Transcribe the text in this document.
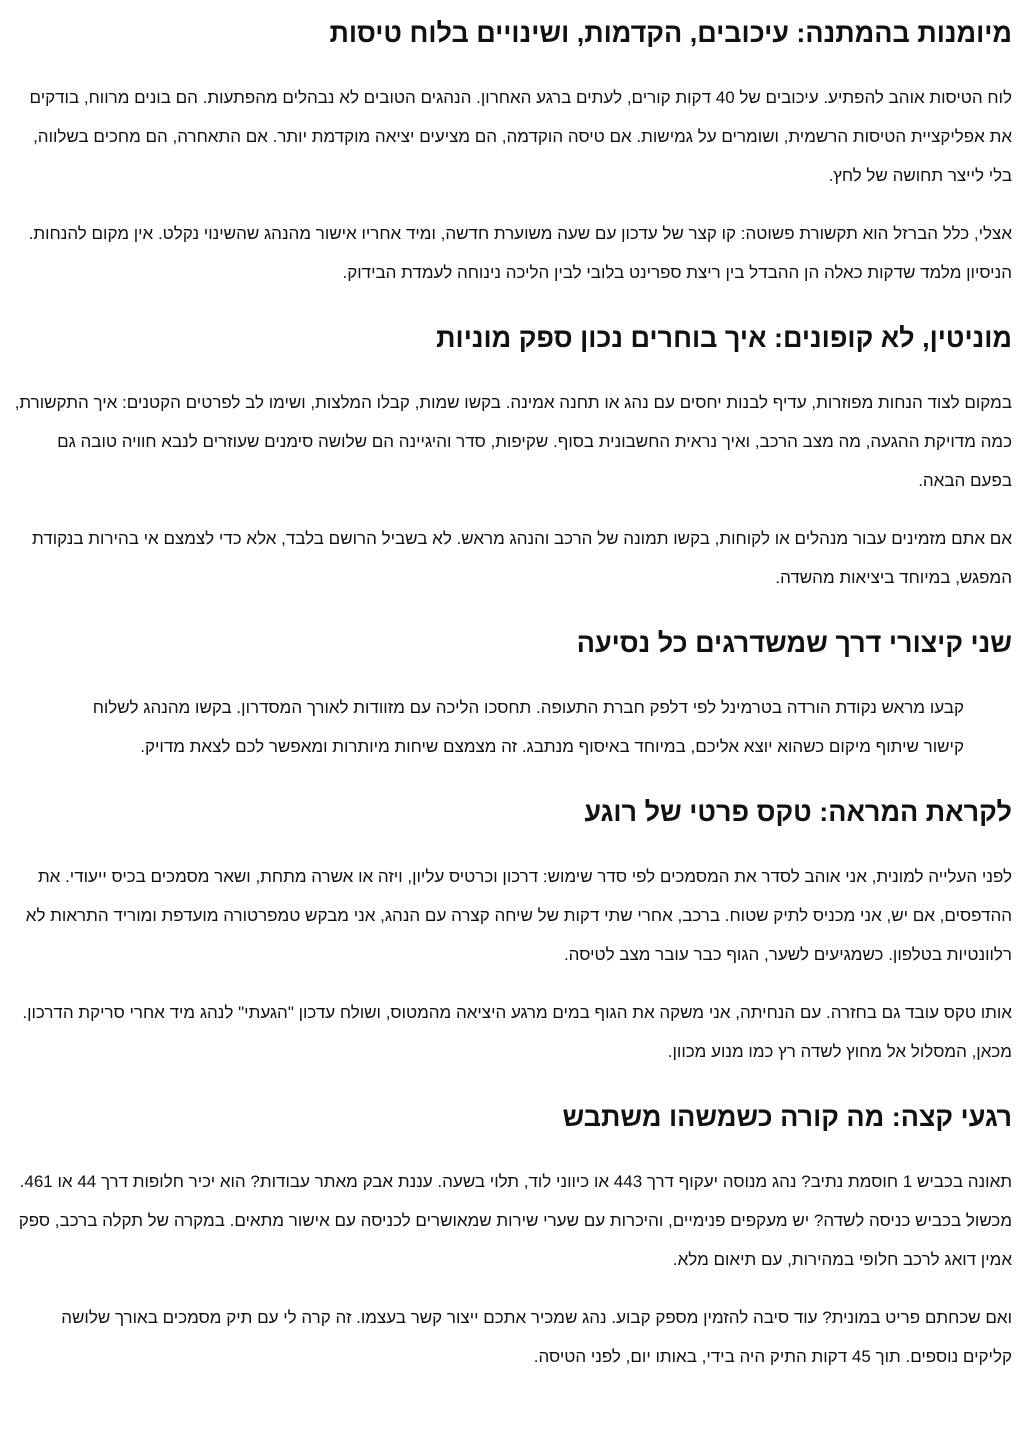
מיומנות בהמתנה: עיכובים, הקדמות, ושינויים בלוח טיסות

לוח הטיסות אוהב להפתיע. עיכובים של 40 דקות קורים, לעתים ברגע האחרון. הנהגים הטובים לא נבהלים מהפתעות. הם בונים מרווח, בודקים את אפליקציית הטיסות הרשמית, ושומרים על גמישות. אם טיסה הוקדמה, הם מציעים יציאה מוקדמת יותר. אם התאחרה, הם מחכים בשלווה, בלי לייצר תחושה של לחץ.

אצלי, כלל הברזל הוא תקשורת פשוטה: קו קצר של עדכון עם שעה משוערת חדשה, ומיד אחריו אישור מהנהג שהשינוי נקלט. אין מקום להנחות. הניסיון מלמד שדקות כאלה הן ההבדל בין ריצת ספרינט בלובי לבין הליכה נינוחה לעמדת הבידוק.

מוניטין, לא קופונים: איך בוחרים נכון ספק מוניות

במקום לצוד הנחות מפוזרות, עדיף לבנות יחסים עם נהג או תחנה אמינה. בקשו שמות, קבלו המלצות, ושימו לב לפרטים הקטנים: איך התקשורת, כמה מדויקת ההגעה, מה מצב הרכב, ואיך נראית החשבונית בסוף. שקיפות, סדר והיגיינה הם שלושה סימנים שעוזרים לנבא חוויה טובה גם בפעם הבאה.

אם אתם מזמינים עבור מנהלים או לקוחות, בקשו תמונה של הרכב והנהג מראש. לא בשביל הרושם בלבד, אלא כדי לצמצם אי בהירות בנקודת המפגש, במיוחד ביציאות מהשדה.

שני קיצורי דרך שמשדרגים כל נסיעה

קבעו מראש נקודת הורדה בטרמינל לפי דלפק חברת התעופה. תחסכו הליכה עם מזוודות לאורך המסדרון. בקשו מהנהג לשלוח קישור שיתוף מיקום כשהוא יוצא אליכם, במיוחד באיסוף מנתבג. זה מצמצם שיחות מיותרות ומאפשר לכם לצאת מדויק.

לקראת המראה: טקס פרטי של רוגע

לפני העלייה למונית, אני אוהב לסדר את המסמכים לפי סדר שימוש: דרכון וכרטיס עליון, ויזה או אשרה מתחת, ושאר מסמכים בכיס ייעודי. את ההדפסים, אם יש, אני מכניס לתיק שטוח. ברכב, אחרי שתי דקות של שיחה קצרה עם הנהג, אני מבקש טמפרטורה מועדפת ומוריד התראות לא רלוונטיות בטלפון. כשמגיעים לשער, הגוף כבר עובר מצב לטיסה.

אותו טקס עובד גם בחזרה. עם הנחיתה, אני משקה את הגוף במים מרגע היציאה מהמטוס, ושולח עדכון "הגעתי" לנהג מיד אחרי סריקת הדרכון. מכאן, המסלול אל מחוץ לשדה רץ כמו מנוע מכוון.

רגעי קצה: מה קורה כשמשהו משתבש

תאונה בכביש 1 חוסמת נתיב? נהג מנוסה יעקוף דרך 443 או כיווני לוד, תלוי בשעה. עננת אבק מאתר עבודות? הוא יכיר חלופות דרך 44 או 461. מכשול בכביש כניסה לשדה? יש מעקפים פנימיים, והיכרות עם שערי שירות שמאושרים לכניסה עם אישור מתאים. במקרה של תקלה ברכב, ספק אמין דואג לרכב חלופי במהירות, עם תיאום מלא.

ואם שכחתם פריט במונית? עוד סיבה להזמין מספק קבוע. נהג שמכיר אתכם ייצור קשר בעצמו. זה קרה לי עם תיק מסמכים באורך שלושה קליקים נוספים. תוך 45 דקות התיק היה בידי, באותו יום, לפני הטיסה.
